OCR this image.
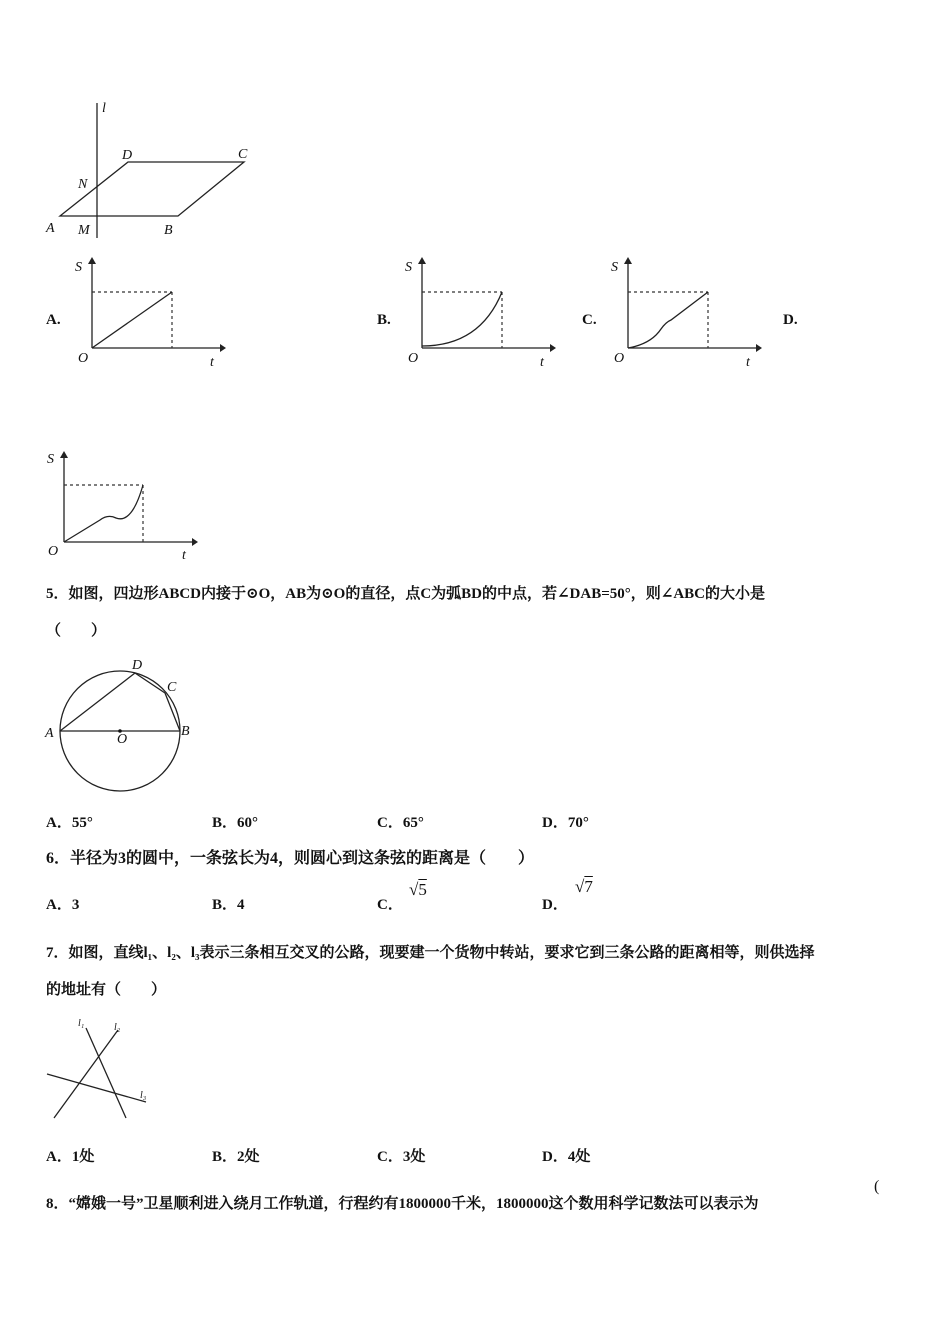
l
D	C
N
A M	B
A.	B.	C.	D.
S
O	t
S
O	t
S
O	t
S
O	t
5．如图，四边形ABCD内接于⊙O，AB为⊙O的直径，点C为弧BD的中点，若∠DAB=50°，则∠ABC的大小是
（　　）
A	O
B
D
C
A．55°	B．60°	C．65°	D．70°
6．半径为3的圆中，一条弦长为4，则圆心到这条弦的距离是（　　）
A．3	B．4	C．
√5
D．
√7
7．如图，直线l₁、l₂、l₃表示三条相互交叉的公路，现要建一个货物中转站，要求它到三条公路的距离相等，则供选择
的地址有（　　）
l₁	l₂
l₃
A．1处	B．2处	C．3处	D．4处
8．“嫦娥一号”卫星顺利进入绕月工作轨道，行程约有1800000千米，1800000这个数用科学记数法可以表示为
(
